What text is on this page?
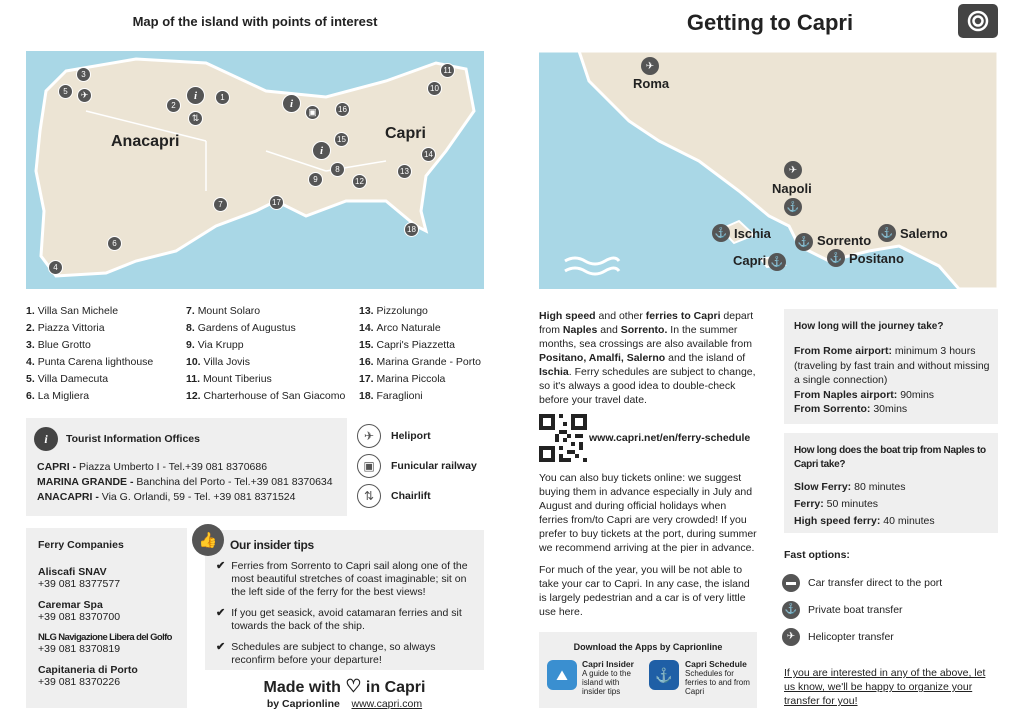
Map of the island with points of interest	Getting to Capri
Anacapri	Capri
1
2
3
4
5
6
7
8
9
10
11
12
13
14
15
16
17
18
i
i
i
✈
▣
⇅
1. Villa San Michele
2. Piazza Vittoria
3. Blue Grotto
4. Punta Carena lighthouse
5. Villa Damecuta
6. La Migliera
7. Mount Solaro
8. Gardens of Augustus
9. Via Krupp
10. Villa Jovis
11. Mount Tiberius
12. Charterhouse of San Giacomo
13. Pizzolungo
14. Arco Naturale
15. Capri's Piazzetta
16. Marina Grande - Porto
17. Marina Piccola
18. Faraglioni
i Tourist Information Offices
CAPRI - Piazza Umberto I - Tel.+39 081 8370686
MARINA GRANDE - Banchina del Porto - Tel.+39 081 8370634
ANACAPRI - Via G. Orlandi, 59 - Tel. +39 081 8371524
✈	Heliport
▣	Funicular railway
⇅	Chairlift
Ferry Companies
Aliscafi SNAV
+39 081 8377577
Caremar Spa
+39 081 8370700
NLG Navigazione Libera del Golfo
+39 081 8370819
Capitaneria di Porto
+39 081 8370226
👍	Our insider tips
✔ Ferries from Sorrento to Capri sail along one of the most beautiful stretches of coast imaginable; sit on the left side of the ferry for the best views!
✔ If you get seasick, avoid catamaran ferries and sit towards the back of the ship.
✔ Schedules are subject to change, so always reconfirm before your departure!
Made with ♡ in Capri
by Caprionline www.capri.com
✈
Roma
✈
Napoli
⚓
⚓ Ischia
Capri ⚓
⚓ Sorrento
⚓ Positano
⚓ Salerno
High speed and other ferries to Capri depart from Naples and Sorrento. In the summer months, sea crossings are also available from Positano, Amalfi, Salerno and the island of Ischia. Ferry schedules are subject to change, so it's always a good idea to double-check before your travel date.
www.capri.net/en/ferry-schedule
You can also buy tickets online: we suggest buying them in advance especially in July and August and during official holidays when ferries from/to Capri are very crowded! If you prefer to buy tickets at the port, during summer we recommend arriving at the pier in advance.
For much of the year, you will be not able to take your car to Capri. In any case, the island is largely pedestrian and a car is of very little use here.
Download the Apps by Caprionline
⛰
Capri Insider
A guide to the island with insider tips
⚓
Capri Schedule
Schedules for ferries to and from Capri
How long will the journey take?
From Rome airport: minimum 3 hours (traveling by fast train and without missing a single connection)
From Naples airport: 90mins
From Sorrento: 30mins
How long does the boat trip from Naples to Capri take?
Slow Ferry: 80 minutes
Ferry: 50 minutes
High speed ferry: 40 minutes
Fast options:
▬	Car transfer direct to the port
⚓ Private boat transfer
✈	Helicopter transfer
If you are interested in any of the above, let us know, we'll be happy to organize your transfer for you!
